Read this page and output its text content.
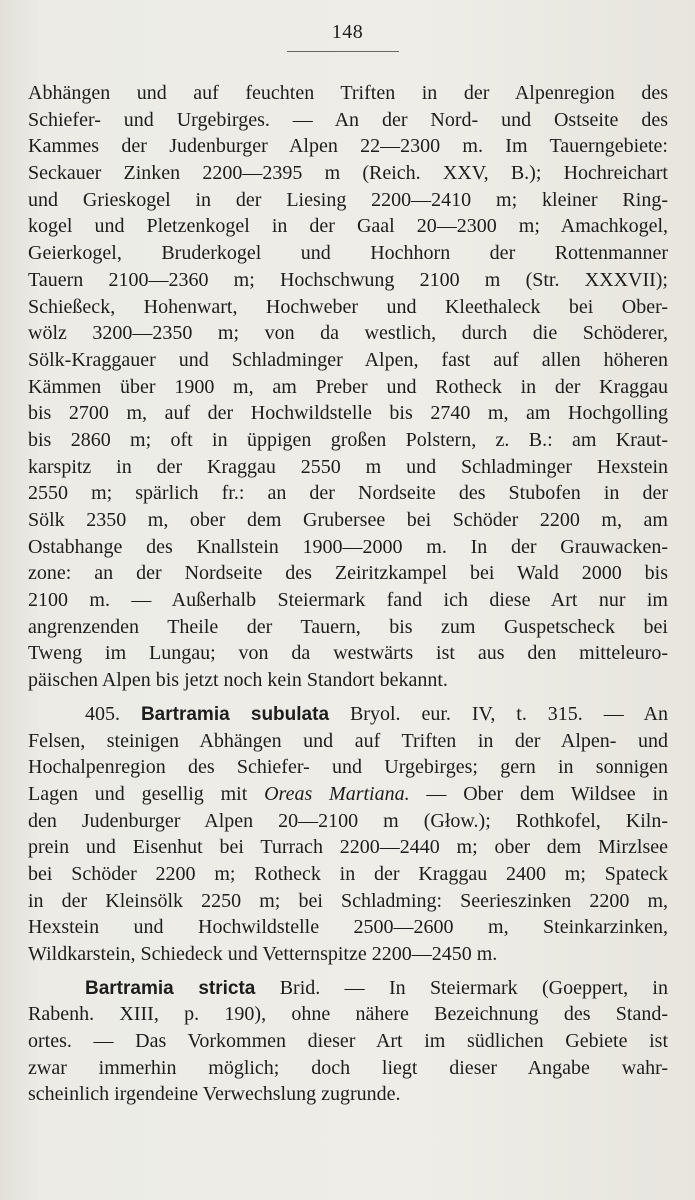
148
Abhängen und auf feuchten Triften in der Alpenregion des
Schiefer- und Urgebirges. — An der Nord- und Ostseite des
Kammes der Judenburger Alpen 22—2300 m. Im Tauerngebiete:
Seckauer Zinken 2200—2395 m (Reich. XXV, B.); Hochreichart
und Grieskogel in der Liesing 2200—2410 m; kleiner Ring-
kogel und Pletzenkogel in der Gaal 20—2300 m; Amachkogel,
Geierkogel, Bruderkogel und Hochhorn der Rottenmanner
Tauern 2100—2360 m; Hochschwung 2100 m (Str. XXXVII);
Schießeck, Hohenwart, Hochweber und Kleethaleck bei Ober-
wölz 3200—2350 m; von da westlich, durch die Schöderer,
Sölk-Kraggauer und Schladminger Alpen, fast auf allen höheren
Kämmen über 1900 m, am Preber und Rotheck in der Kraggau
bis 2700 m, auf der Hochwildstelle bis 2740 m, am Hochgolling
bis 2860 m; oft in üppigen großen Polstern, z. B.: am Kraut-
karspitz in der Kraggau 2550 m und Schladminger Hexstein
2550 m; spärlich fr.: an der Nordseite des Stubofen in der
Sölk 2350 m, ober dem Grubersee bei Schöder 2200 m, am
Ostabhange des Knallstein 1900—2000 m. In der Grauwacken-
zone: an der Nordseite des Zeiritzkampel bei Wald 2000 bis
2100 m. — Außerhalb Steiermark fand ich diese Art nur im
angrenzenden Theile der Tauern, bis zum Guspetscheck bei
Tweng im Lungau; von da westwärts ist aus den mitteleuro-
päischen Alpen bis jetzt noch kein Standort bekannt.
405. Bartramia subulata Bryol. eur. IV, t. 315. — An
Felsen, steinigen Abhängen und auf Triften in der Alpen- und
Hochalpenregion des Schiefer- und Urgebirges; gern in sonnigen
Lagen und gesellig mit Oreas Martiana. — Ober dem Wildsee in
den Judenburger Alpen 20—2100 m (Głow.); Rothkofel, Kiln-
prein und Eisenhut bei Turrach 2200—2440 m; ober dem Mirzlsee
bei Schöder 2200 m; Rotheck in der Kraggau 2400 m; Spateck
in der Kleinsölk 2250 m; bei Schladming: Seerieszinken 2200 m,
Hexstein und Hochwildstelle 2500—2600 m, Steinkarzinken,
Wildkarstein, Schiedeck und Vetternspitze 2200—2450 m.
Bartramia stricta Brid. — In Steiermark (Goeppert, in
Rabenh. XIII, p. 190), ohne nähere Bezeichnung des Stand-
ortes. — Das Vorkommen dieser Art im südlichen Gebiete ist
zwar immerhin möglich; doch liegt dieser Angabe wahr-
scheinlich irgendeine Verwechslung zugrunde.
